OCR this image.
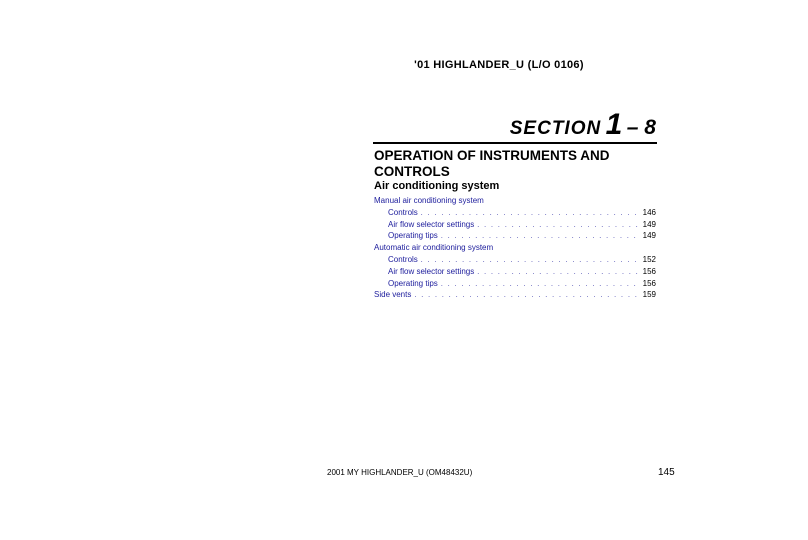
'01 HIGHLANDER_U (L/O 0106)
SECTION 1 – 8
OPERATION OF INSTRUMENTS AND CONTROLS
Air conditioning system
Manual air conditioning system
Controls . . .	146
Air flow selector settings . . .	149
Operating tips . . .	149
Automatic air conditioning system
Controls . . .	152
Air flow selector settings . . .	156
Operating tips . . .	156
Side vents . . .	159
2001 MY HIGHLANDER_U (OM48432U)	145
